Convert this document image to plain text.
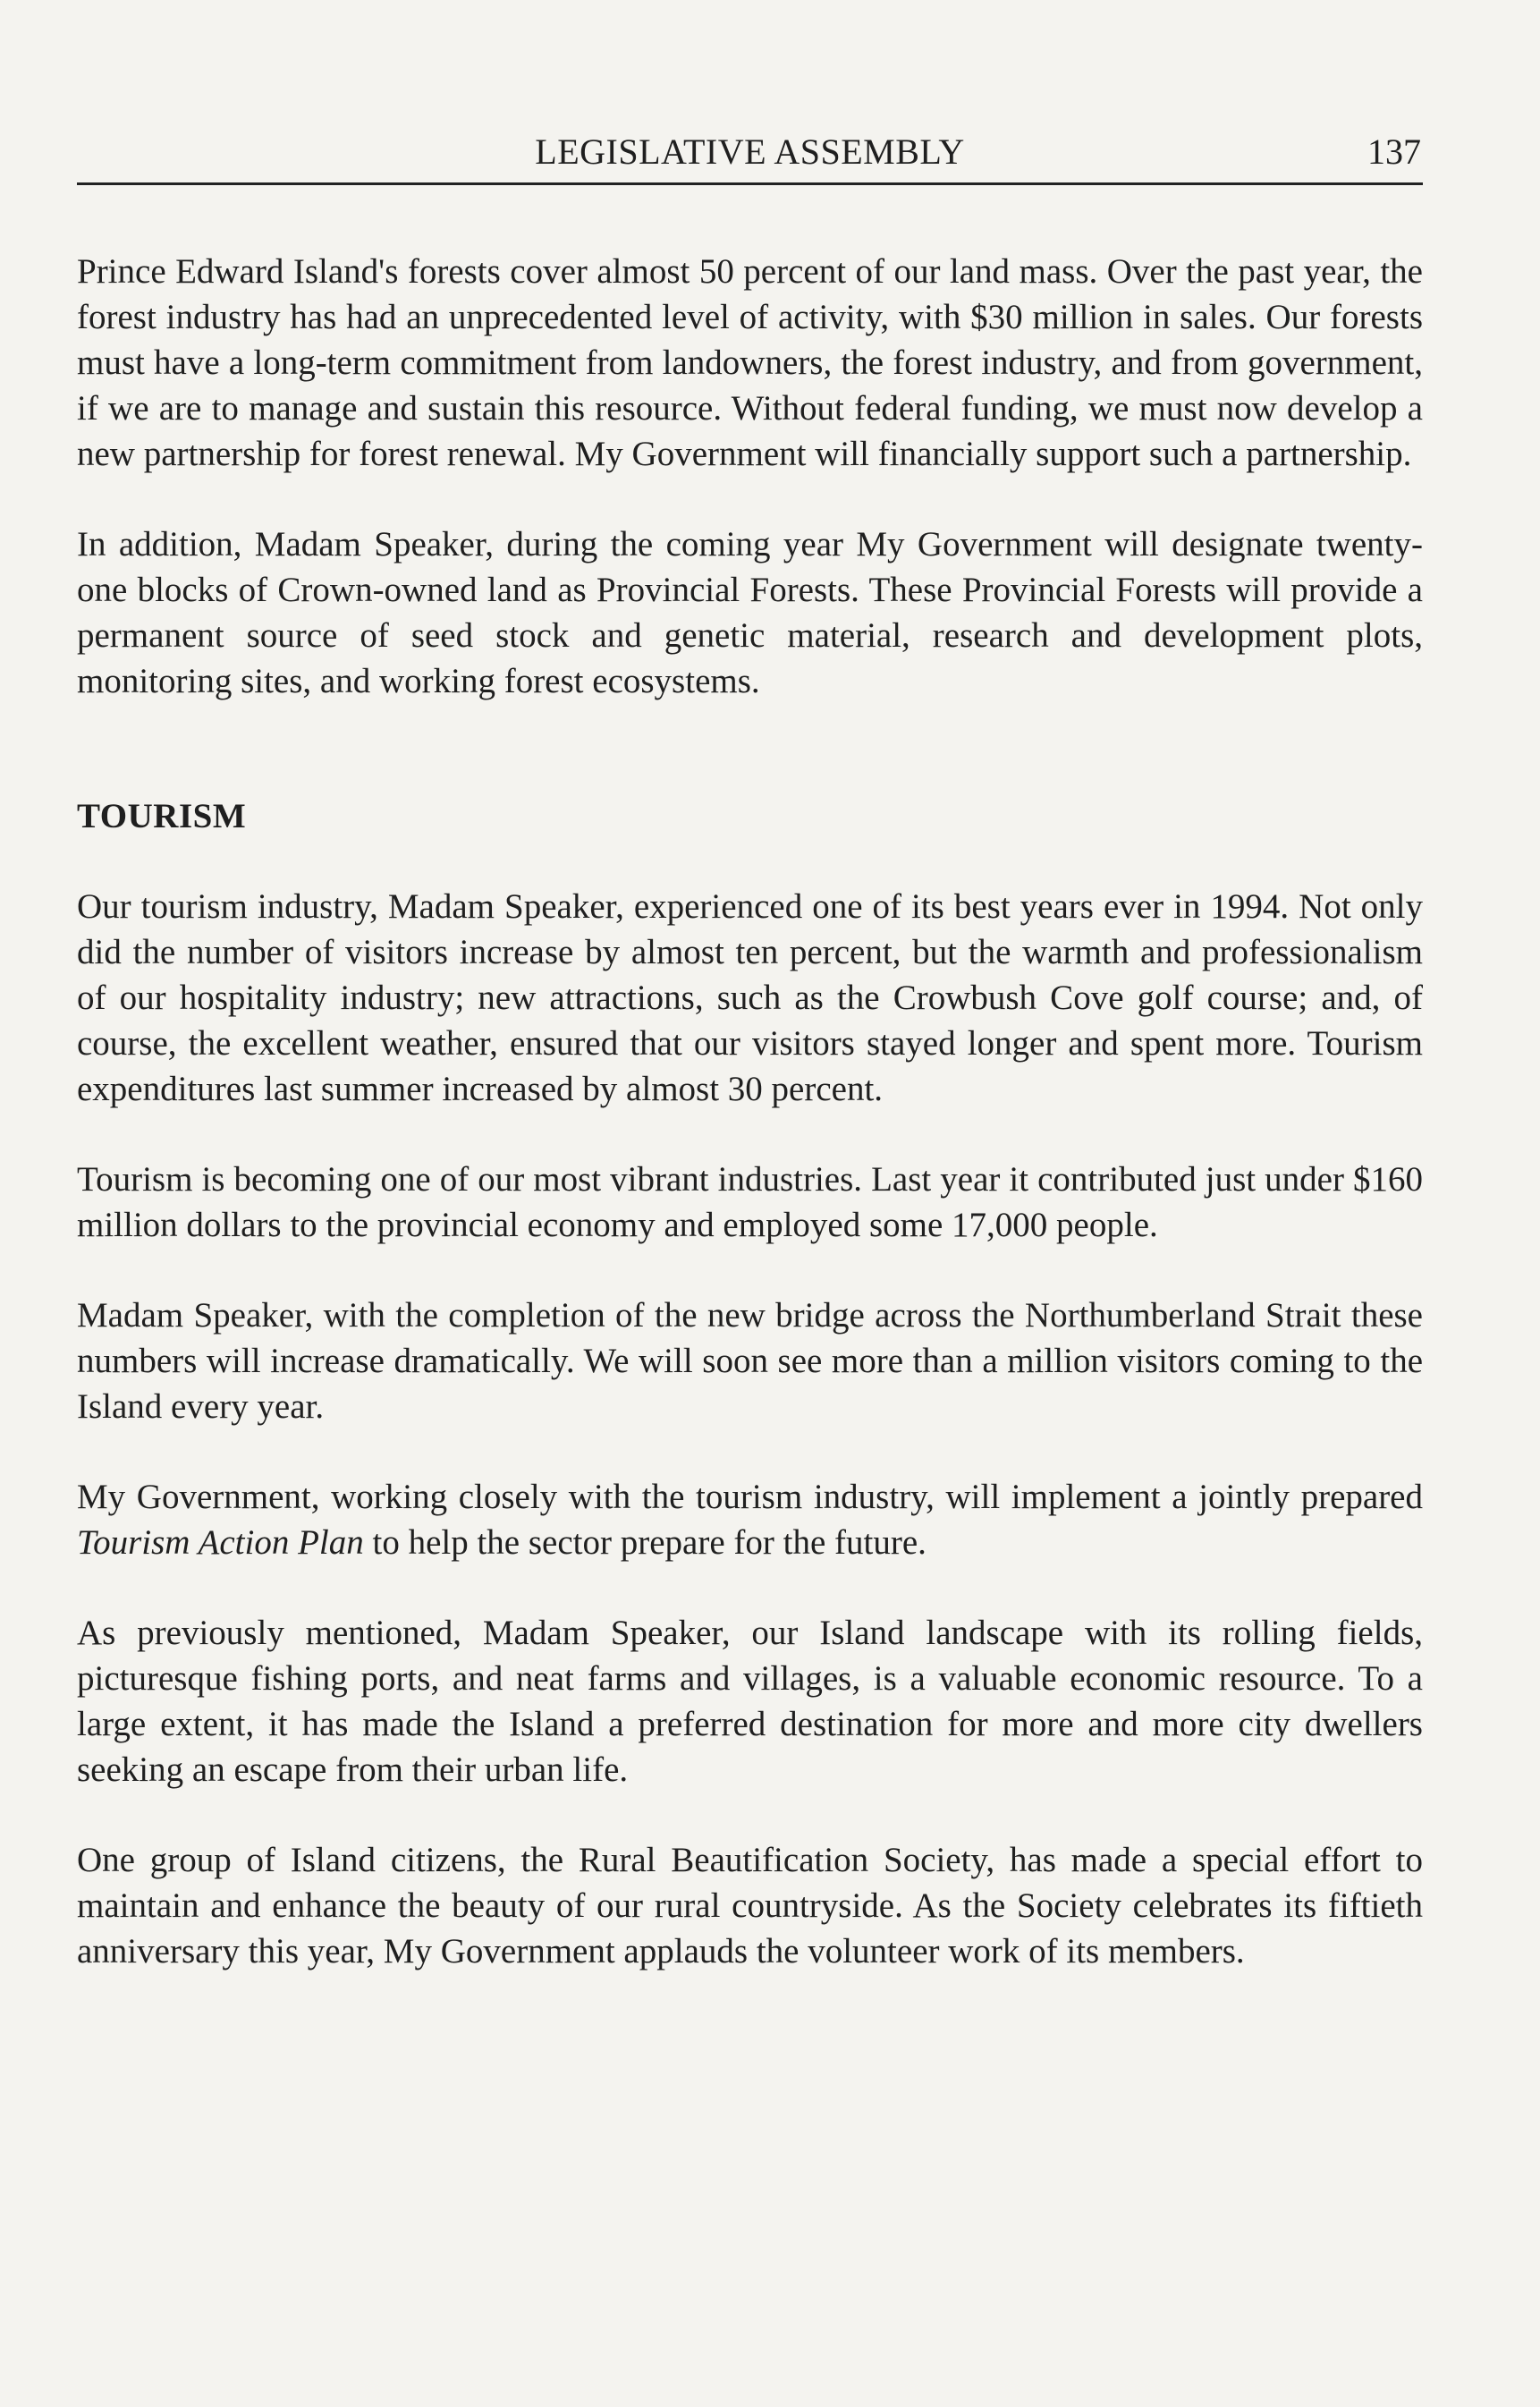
LEGISLATIVE ASSEMBLY	137

Prince Edward Island's forests cover almost 50 percent of our land mass. Over the past year, the forest industry has had an unprecedented level of activity, with $30 million in sales. Our forests must have a long-term commitment from landowners, the forest industry, and from government, if we are to manage and sustain this resource. Without federal funding, we must now develop a new partnership for forest renewal. My Government will financially support such a partnership.

In addition, Madam Speaker, during the coming year My Government will designate twenty-one blocks of Crown-owned land as Provincial Forests. These Provincial Forests will provide a permanent source of seed stock and genetic material, research and development plots, monitoring sites, and working forest ecosystems.

TOURISM

Our tourism industry, Madam Speaker, experienced one of its best years ever in 1994. Not only did the number of visitors increase by almost ten percent, but the warmth and professionalism of our hospitality industry; new attractions, such as the Crowbush Cove golf course; and, of course, the excellent weather, ensured that our visitors stayed longer and spent more. Tourism expenditures last summer increased by almost 30 percent.

Tourism is becoming one of our most vibrant industries. Last year it contributed just under $160 million dollars to the provincial economy and employed some 17,000 people.

Madam Speaker, with the completion of the new bridge across the Northumberland Strait these numbers will increase dramatically. We will soon see more than a million visitors coming to the Island every year.

My Government, working closely with the tourism industry, will implement a jointly prepared Tourism Action Plan to help the sector prepare for the future.

As previously mentioned, Madam Speaker, our Island landscape with its rolling fields, picturesque fishing ports, and neat farms and villages, is a valuable economic resource. To a large extent, it has made the Island a preferred destination for more and more city dwellers seeking an escape from their urban life.

One group of Island citizens, the Rural Beautification Society, has made a special effort to maintain and enhance the beauty of our rural countryside. As the Society celebrates its fiftieth anniversary this year, My Government applauds the volunteer work of its members.
